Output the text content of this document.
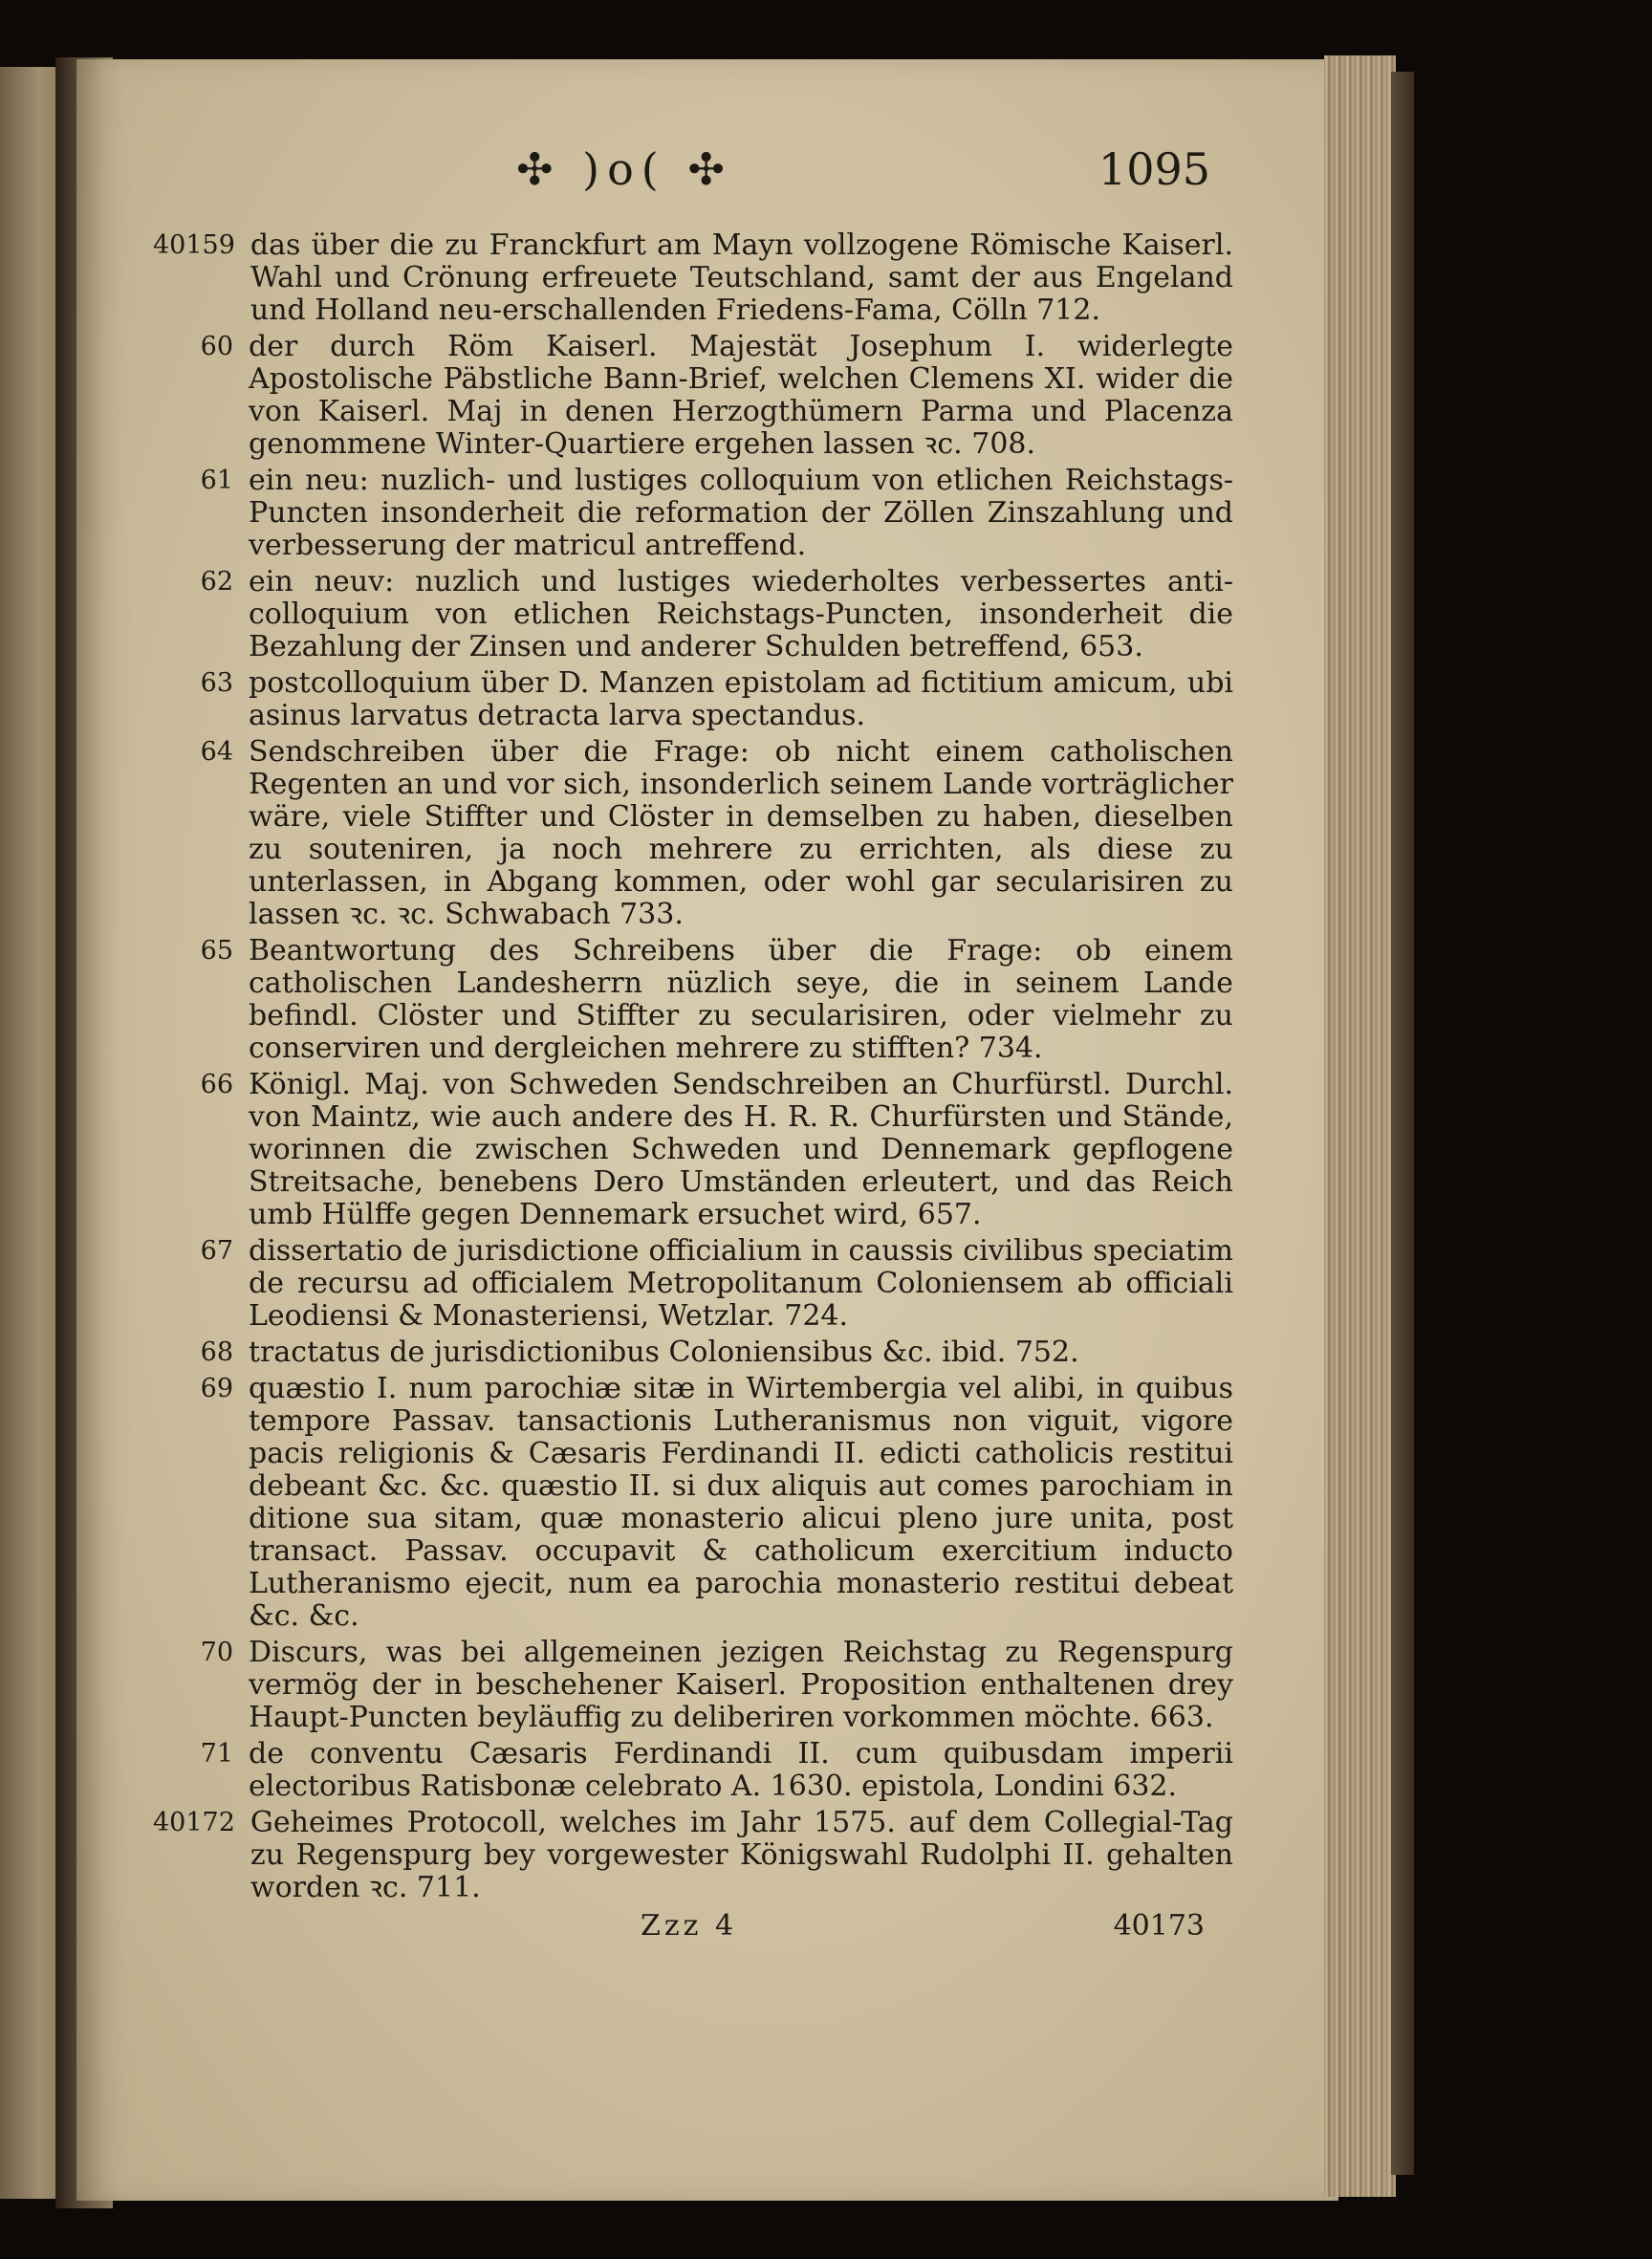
✣ )o( ✣	1095
40159 das über die zu Franckfurt am Mayn vollzogene Römische Kaiserl. Wahl und Crönung erfreuete Teutschland, samt der aus Engeland und Holland neu-erschallenden Friedens-Fama, Cölln 712.
60 der durch Röm Kaiserl. Majestät Josephum I. widerlegte Apostolische Päbstliche Bann-Brief, welchen Clemens XI. wider die von Kaiserl. Maj in denen Herzogthümern Parma und Placenza genommene Winter-Quartiere ergehen lassen ꝛc. 708.
61 ein neu: nuzlich- und lustiges colloquium von etlichen Reichstags-Puncten insonderheit die reformation der Zöllen Zinszahlung und verbesserung der matricul antreffend.
62 ein neuv: nuzlich und lustiges wiederholtes verbessertes anti-colloquium von etlichen Reichstags-Puncten, insonderheit die Bezahlung der Zinsen und anderer Schulden betreffend, 653.
63 postcolloquium über D. Manzen epistolam ad fictitium amicum, ubi asinus larvatus detracta larva spectandus.
64 Sendschreiben über die Frage: ob nicht einem catholischen Regenten an und vor sich, insonderlich seinem Lande vorträglicher wäre, viele Stiffter und Clöster in demselben zu haben, dieselben zu souteniren, ja noch mehrere zu errichten, als diese zu unterlassen, in Abgang kommen, oder wohl gar secularisiren zu lassen ꝛc. ꝛc. Schwabach 733.
65 Beantwortung des Schreibens über die Frage: ob einem catholischen Landesherrn nüzlich seye, die in seinem Lande befindl. Clöster und Stiffter zu secularisiren, oder vielmehr zu conserviren und dergleichen mehrere zu stifften? 734.
66 Königl. Maj. von Schweden Sendschreiben an Churfürstl. Durchl. von Maintz, wie auch andere des H. R. R. Churfürsten und Stände, worinnen die zwischen Schweden und Dennemark gepflogene Streitsache, benebens Dero Umständen erleutert, und das Reich umb Hülffe gegen Dennemark ersuchet wird, 657.
67 dissertatio de jurisdictione officialium in caussis civilibus speciatim de recursu ad officialem Metropolitanum Coloniensem ab officiali Leodiensi & Monasteriensi, Wetzlar. 724.
68 tractatus de jurisdictionibus Coloniensibus &c. ibid. 752.
69 quæstio I. num parochiæ sitæ in Wirtembergia vel alibi, in quibus tempore Passav. tansactionis Lutheranismus non viguit, vigore pacis religionis & Cæsaris Ferdinandi II. edicti catholicis restitui debeant &c. &c. quæstio II. si dux aliquis aut comes parochiam in ditione sua sitam, quæ monasterio alicui pleno jure unita, post transact. Passav. occupavit & catholicum exercitium inducto Lutheranismo ejecit, num ea parochia monasterio restitui debeat &c. &c.
70 Discurs, was bei allgemeinen jezigen Reichstag zu Regenspurg vermög der in beschehener Kaiserl. Proposition enthaltenen drey Haupt-Puncten beyläuffig zu deliberiren vorkommen möchte. 663.
71 de conventu Cæsaris Ferdinandi II. cum quibusdam imperii electoribus Ratisbonæ celebrato A. 1630. epistola, Londini 632.
40172 Geheimes Protocoll, welches im Jahr 1575. auf dem Collegial-Tag zu Regenspurg bey vorgewester Königswahl Rudolphi II. gehalten worden ꝛc. 711.
Zzz 4	40173
